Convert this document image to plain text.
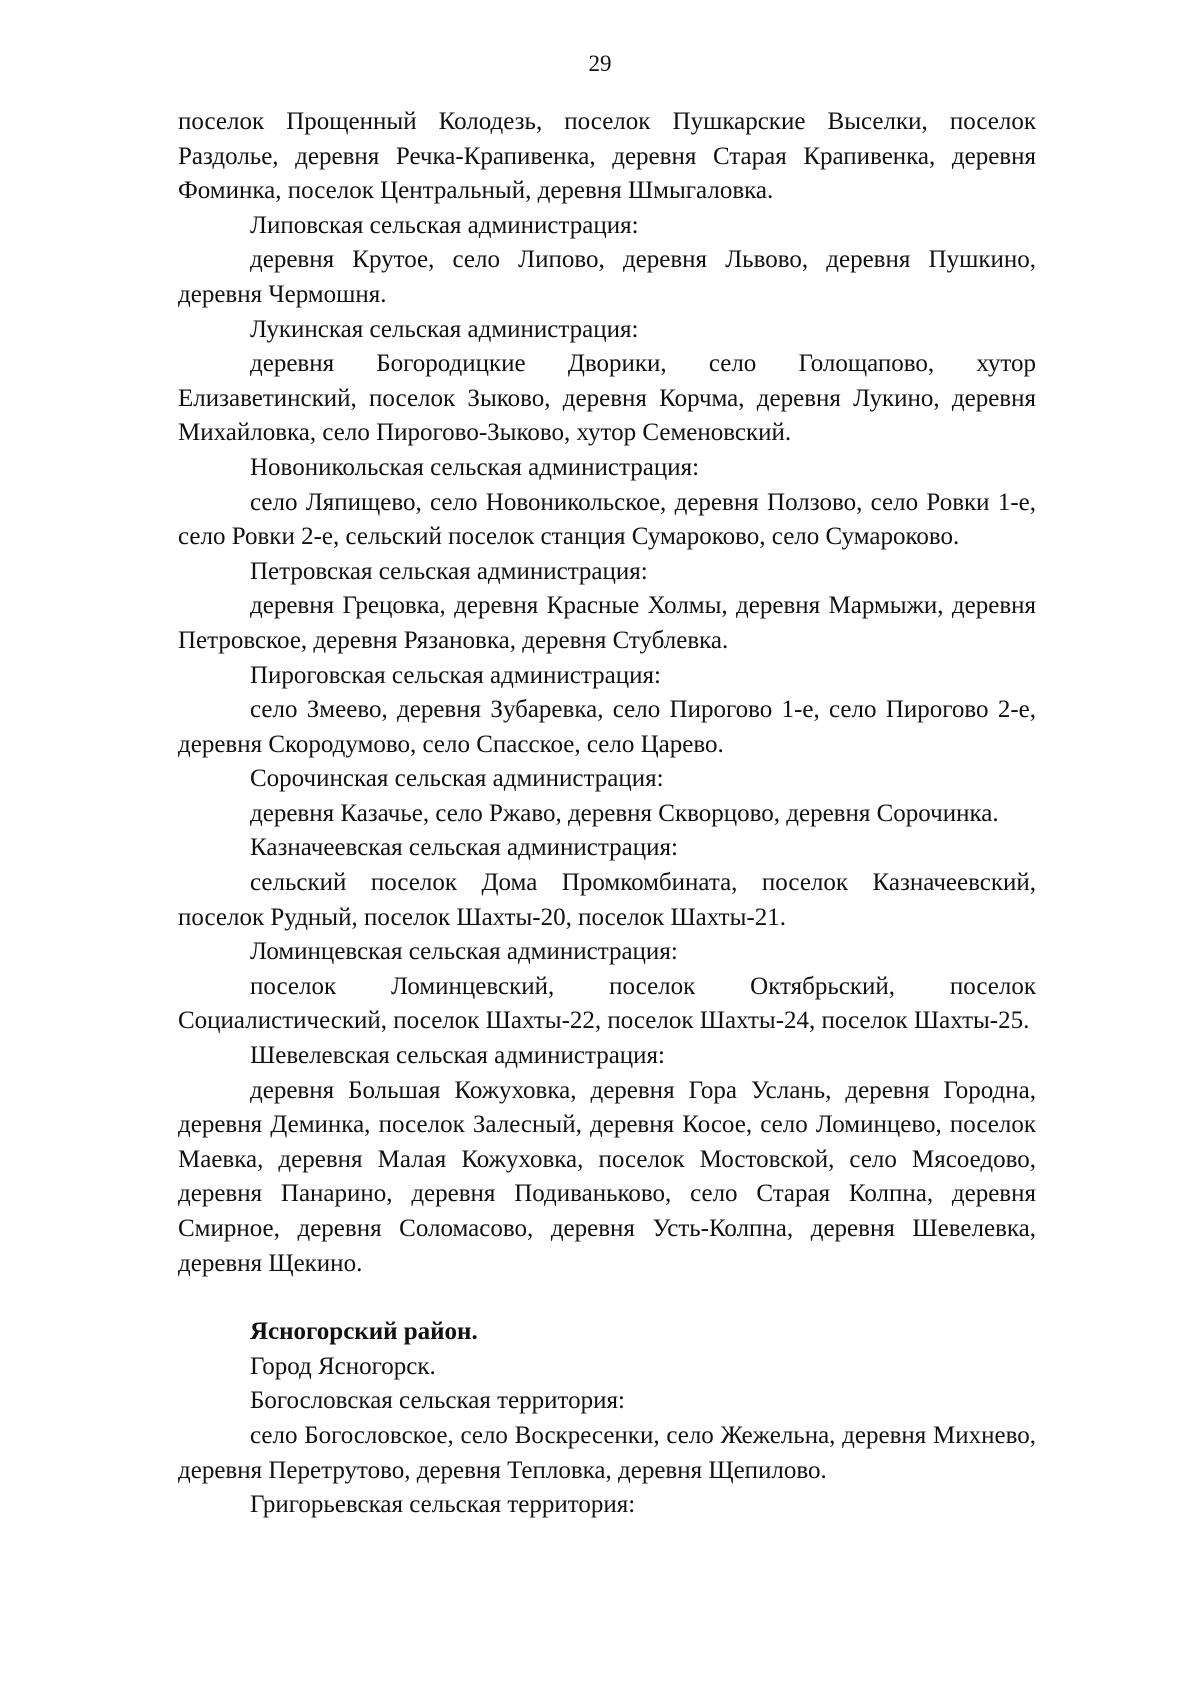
29

поселок Прощенный Колодезь, поселок Пушкарские Выселки, поселок Раздолье, деревня Речка-Крапивенка, деревня Старая Крапивенка, деревня Фоминка, поселок Центральный, деревня Шмыгаловка.

Липовская сельская администрация:

деревня Крутое, село Липово, деревня Львово, деревня Пушкино, деревня Чермошня.

Лукинская сельская администрация:

деревня Богородицкие Дворики, село Голощапово, хутор Елизаветинский, поселок Зыково, деревня Корчма, деревня Лукино, деревня Михайловка, село Пирогово-Зыково, хутор Семеновский.

Новоникольская сельская администрация:

село Ляпищево, село Новоникольское, деревня Ползово, село Ровки 1-е, село Ровки 2-е, сельский поселок станция Сумароково, село Сумароково.

Петровская сельская администрация:

деревня Грецовка, деревня Красные Холмы, деревня Мармыжи, деревня Петровское, деревня Рязановка, деревня Стублевка.

Пироговская сельская администрация:

село Змеево, деревня Зубаревка, село Пирогово 1-е, село Пирогово 2-е, деревня Скородумово, село Спасское, село Царево.

Сорочинская сельская администрация:

деревня Казачье, село Ржаво, деревня Скворцово, деревня Сорочинка.

Казначеевская сельская администрация:

сельский поселок Дома Промкомбината, поселок Казначеевский, поселок Рудный, поселок Шахты-20, поселок Шахты-21.

Ломинцевская сельская администрация:

поселок Ломинцевский, поселок Октябрьский, поселок Социалистический, поселок Шахты-22, поселок Шахты-24, поселок Шахты-25.

Шевелевская сельская администрация:

деревня Большая Кожуховка, деревня Гора Услань, деревня Городна, деревня Деминка, поселок Залесный, деревня Косое, село Ломинцево, поселок Маевка, деревня Малая Кожуховка, поселок Мостовской, село Мясоедово, деревня Панарино, деревня Подиваньково, село Старая Колпна, деревня Смирное, деревня Соломасово, деревня Усть-Колпна, деревня Шевелевка, деревня Щекино.

Ясногорский район.

Город Ясногорск.

Богословская сельская территория:

село Богословское, село Воскресенки, село Жежельна, деревня Михнево, деревня Перетрутово, деревня Тепловка, деревня Щепилово.

Григорьевская сельская территория:
